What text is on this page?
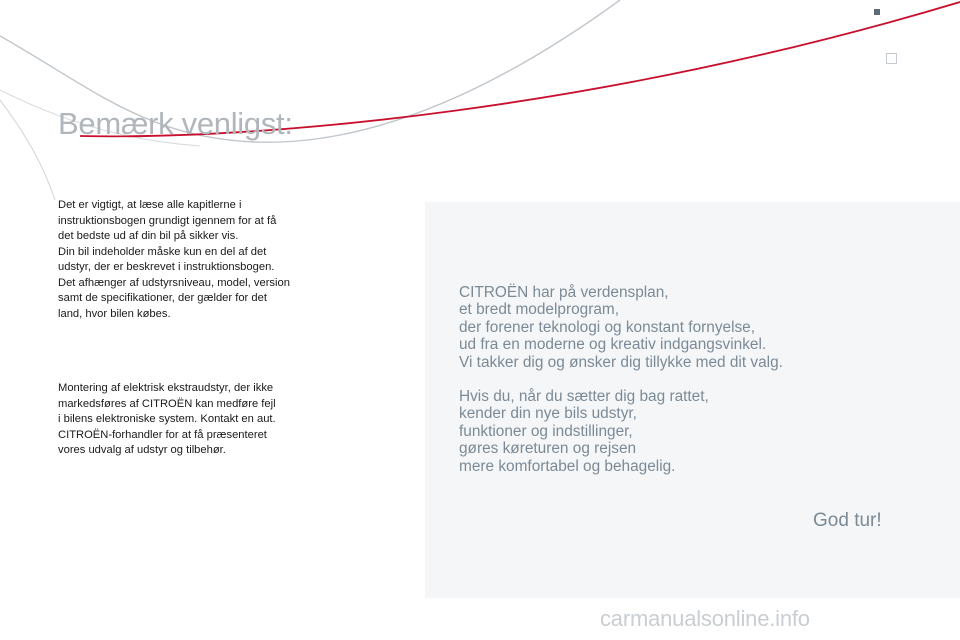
Bemærk venligst:
Det er vigtigt, at læse alle kapitlerne i
instruktionsbogen grundigt igennem for at få
det bedste ud af din bil på sikker vis.
Din bil indeholder måske kun en del af det
udstyr, der er beskrevet i instruktionsbogen.
Det afhænger af udstyrsniveau, model, version
samt de specifikationer, der gælder for det
land, hvor bilen købes.
Montering af elektrisk ekstraudstyr, der ikke
markedsføres af CITROËN kan medføre fejl
i bilens elektroniske system. Kontakt en aut.
CITROËN-forhandler for at få præsenteret
vores udvalg af udstyr og tilbehør.
CITROËN har på verdensplan,
et bredt modelprogram,
der forener teknologi og konstant fornyelse,
ud fra en moderne og kreativ indgangsvinkel.
Vi takker dig og ønsker dig tillykke med dit valg.
Hvis du, når du sætter dig bag rattet,
kender din nye bils udstyr,
funktioner og indstillinger,
gøres køreturen og rejsen
mere komfortabel og behagelig.
God tur!
carmanualsonline.info
